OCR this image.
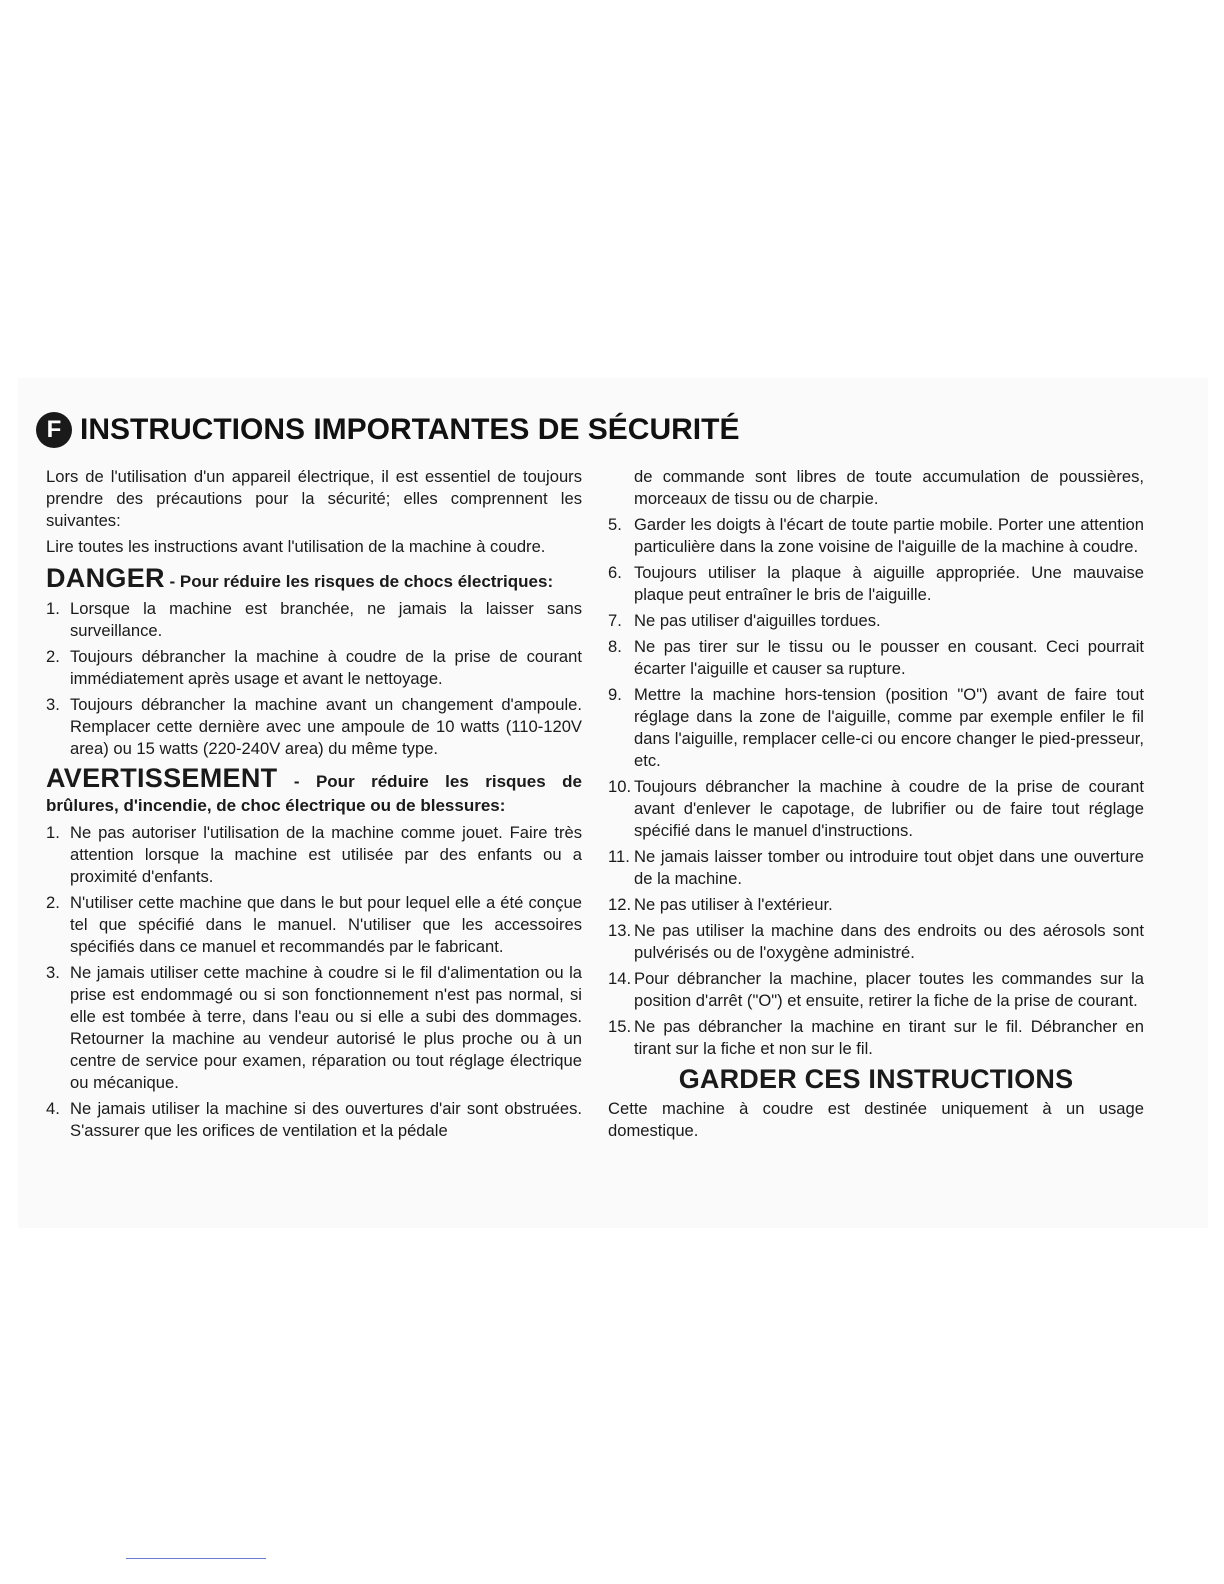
F INSTRUCTIONS IMPORTANTES DE SÉCURITÉ

Lors de l'utilisation d'un appareil électrique, il est essentiel de toujours prendre des précautions pour la sécurité; elles comprennent les suivantes:

Lire toutes les instructions avant l'utilisation de la machine à coudre.

DANGER - Pour réduire les risques de chocs électriques:
1. Lorsque la machine est branchée, ne jamais la laisser sans surveillance.
2. Toujours débrancher la machine à coudre de la prise de courant immédiatement après usage et avant le nettoyage.
3. Toujours débrancher la machine avant un changement d'ampoule. Remplacer cette dernière avec une ampoule de 10 watts (110-120V area) ou 15 watts (220-240V area) du même type.
AVERTISSEMENT - Pour réduire les risques de brûlures, d'incendie, de choc électrique ou de blessures:
1. Ne pas autoriser l'utilisation de la machine comme jouet. Faire très attention lorsque la machine est utilisée par des enfants ou a proximité d'enfants.
2. N'utiliser cette machine que dans le but pour lequel elle a été conçue tel que spécifié dans le manuel. N'utiliser que les accessoires spécifiés dans ce manuel et recommandés par le fabricant.
3. Ne jamais utiliser cette machine à coudre si le fil d'alimentation ou la prise est endommagé ou si son fonctionnement n'est pas normal, si elle est tombée à terre, dans l'eau ou si elle a subi des dommages. Retourner la machine au vendeur autorisé le plus proche ou à un centre de service pour examen, réparation ou tout réglage électrique ou mécanique.
4. Ne jamais utiliser la machine si des ouvertures d'air sont obstruées. S'assurer que les orifices de ventilation et la pédale

de commande sont libres de toute accumulation de poussières, morceaux de tissu ou de charpie.

5. Garder les doigts à l'écart de toute partie mobile. Porter une attention particulière dans la zone voisine de l'aiguille de la machine à coudre.
6. Toujours utiliser la plaque à aiguille appropriée. Une mauvaise plaque peut entraîner le bris de l'aiguille.
7. Ne pas utiliser d'aiguilles tordues.
8. Ne pas tirer sur le tissu ou le pousser en cousant. Ceci pourrait écarter l'aiguille et causer sa rupture.
9. Mettre la machine hors-tension (position "O") avant de faire tout réglage dans la zone de l'aiguille, comme par exemple enfiler le fil dans l'aiguille, remplacer celle-ci ou encore changer le pied-presseur, etc.
10. Toujours débrancher la machine à coudre de la prise de courant avant d'enlever le capotage, de lubrifier ou de faire tout réglage spécifié dans le manuel d'instructions.
11. Ne jamais laisser tomber ou introduire tout objet dans une ouverture de la machine.
12. Ne pas utiliser à l'extérieur.
13. Ne pas utiliser la machine dans des endroits ou des aérosols sont pulvérisés ou de l'oxygène administré.
14. Pour débrancher la machine, placer toutes les commandes sur la position d'arrêt ("O") et ensuite, retirer la fiche de la prise de courant.
15. Ne pas débrancher la machine en tirant sur le fil. Débrancher en tirant sur la fiche et non sur le fil.
GARDER CES INSTRUCTIONS

Cette machine à coudre est destinée uniquement à un usage domestique.
